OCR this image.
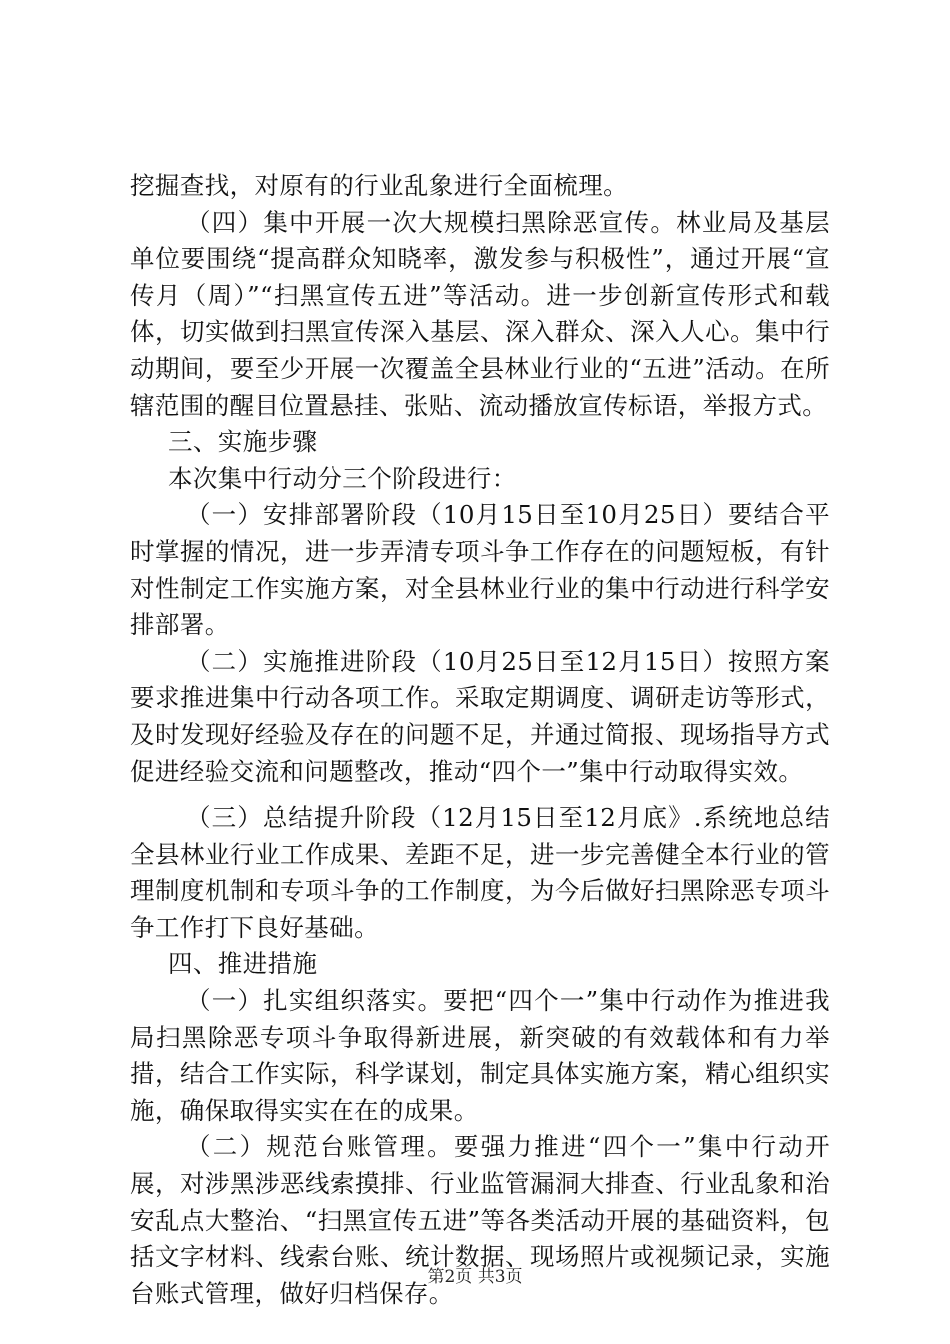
挖掘查找，对原有的行业乱象进行全面梳理。

（四）集中开展一次大规模扫黑除恶宣传。林业局及基层单位要围绕“提高群众知晓率，激发参与积极性”，通过开展“宣传月（周）”“扫黑宣传五进”等活动。进一步创新宣传形式和载体，切实做到扫黑宣传深入基层、深入群众、深入人心。集中行动期间，要至少开展一次覆盖全县林业行业的“五进”活动。在所辖范围的醒目位置悬挂、张贴、流动播放宣传标语，举报方式。

三、实施步骤

本次集中行动分三个阶段进行：

（一）安排部署阶段（10月15日至10月25日）要结合平时掌握的情况，进一步弄清专项斗争工作存在的问题短板，有针对性制定工作实施方案，对全县林业行业的集中行动进行科学安排部署。

（二）实施推进阶段（10月25日至12月15日）按照方案要求推进集中行动各项工作。采取定期调度、调研走访等形式，及时发现好经验及存在的问题不足，并通过简报、现场指导方式促进经验交流和问题整改，推动“四个一”集中行动取得实效。

（三）总结提升阶段（12月15日至12月底》.系统地总结全县林业行业工作成果、差距不足，进一步完善健全本行业的管理制度机制和专项斗争的工作制度，为今后做好扫黑除恶专项斗争工作打下良好基础。

四、推进措施

（一）扎实组织落实。要把“四个一”集中行动作为推进我局扫黑除恶专项斗争取得新进展，新突破的有效载体和有力举措，结合工作实际，科学谋划，制定具体实施方案，精心组织实施，确保取得实实在在的成果。

（二）规范台账管理。要强力推进“四个一”集中行动开展，对涉黑涉恶线索摸排、行业监管漏洞大排查、行业乱象和治安乱点大整治、“扫黑宣传五进”等各类活动开展的基础资料，包括文字材料、线索台账、统计数据、现场照片或视频记录，实施台账式管理，做好归档保存。

第2页 共3页
